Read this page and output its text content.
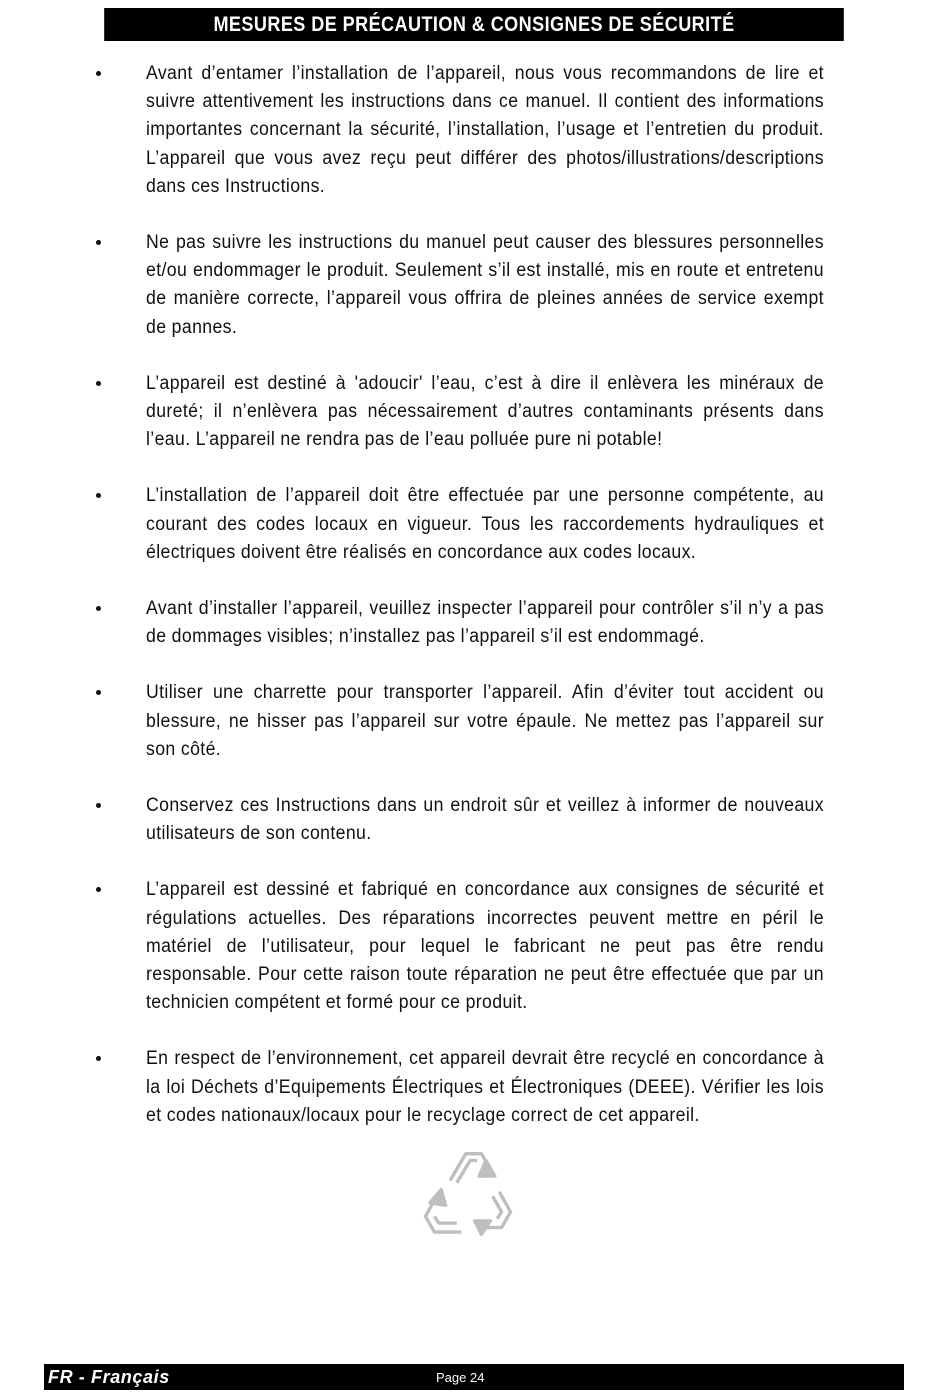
MESURES DE PRÉCAUTION & CONSIGNES DE SÉCURITÉ

Avant d’entamer l’installation de l’appareil, nous vous recommandons de lire et suivre attentivement les instructions dans ce manuel. Il contient des informations importantes concernant la sécurité, l’installation, l’usage et l’entretien du produit. L’appareil que vous avez reçu peut différer des photos/illustrations/descriptions dans ces Instructions.

Ne pas suivre les instructions du manuel peut causer des blessures personnelles et/ou endommager le produit. Seulement s’il est installé, mis en route et entretenu de manière correcte, l’appareil vous offrira de pleines années de service exempt de pannes.

L’appareil est destiné à 'adoucir' l’eau, c’est à dire il enlèvera les minéraux de dureté; il n’enlèvera pas nécessairement d’autres contaminants présents dans l’eau. L’appareil ne rendra pas de l’eau polluée pure ni potable!

L’installation de l’appareil doit être effectuée par une personne compétente, au courant des codes locaux en vigueur. Tous les raccordements hydrauliques et électriques doivent être réalisés en concordance aux codes locaux.

Avant d’installer l’appareil, veuillez inspecter l’appareil pour contrôler s’il n’y a pas de dommages visibles; n’installez pas l’appareil s’il est endommagé.

Utiliser une charrette pour transporter l’appareil. Afin d’éviter tout accident ou blessure, ne hisser pas l’appareil sur votre épaule. Ne mettez pas l’appareil sur son côté.

Conservez ces Instructions dans un endroit sûr et veillez à informer de nouveaux utilisateurs de son contenu.

L’appareil est dessiné et fabriqué en concordance aux consignes de sécurité et régulations actuelles. Des réparations incorrectes peuvent mettre en péril le matériel de l’utilisateur, pour lequel le fabricant ne peut pas être rendu responsable. Pour cette raison toute réparation ne peut être effectuée que par un technicien compétent et formé pour ce produit.

En respect de l’environnement, cet appareil devrait être recyclé en concordance à la loi Déchets d’Equipements Électriques et Électroniques (DEEE). Vérifier les lois et codes nationaux/locaux pour le recyclage correct de cet appareil.

FR - Français	Page 24
